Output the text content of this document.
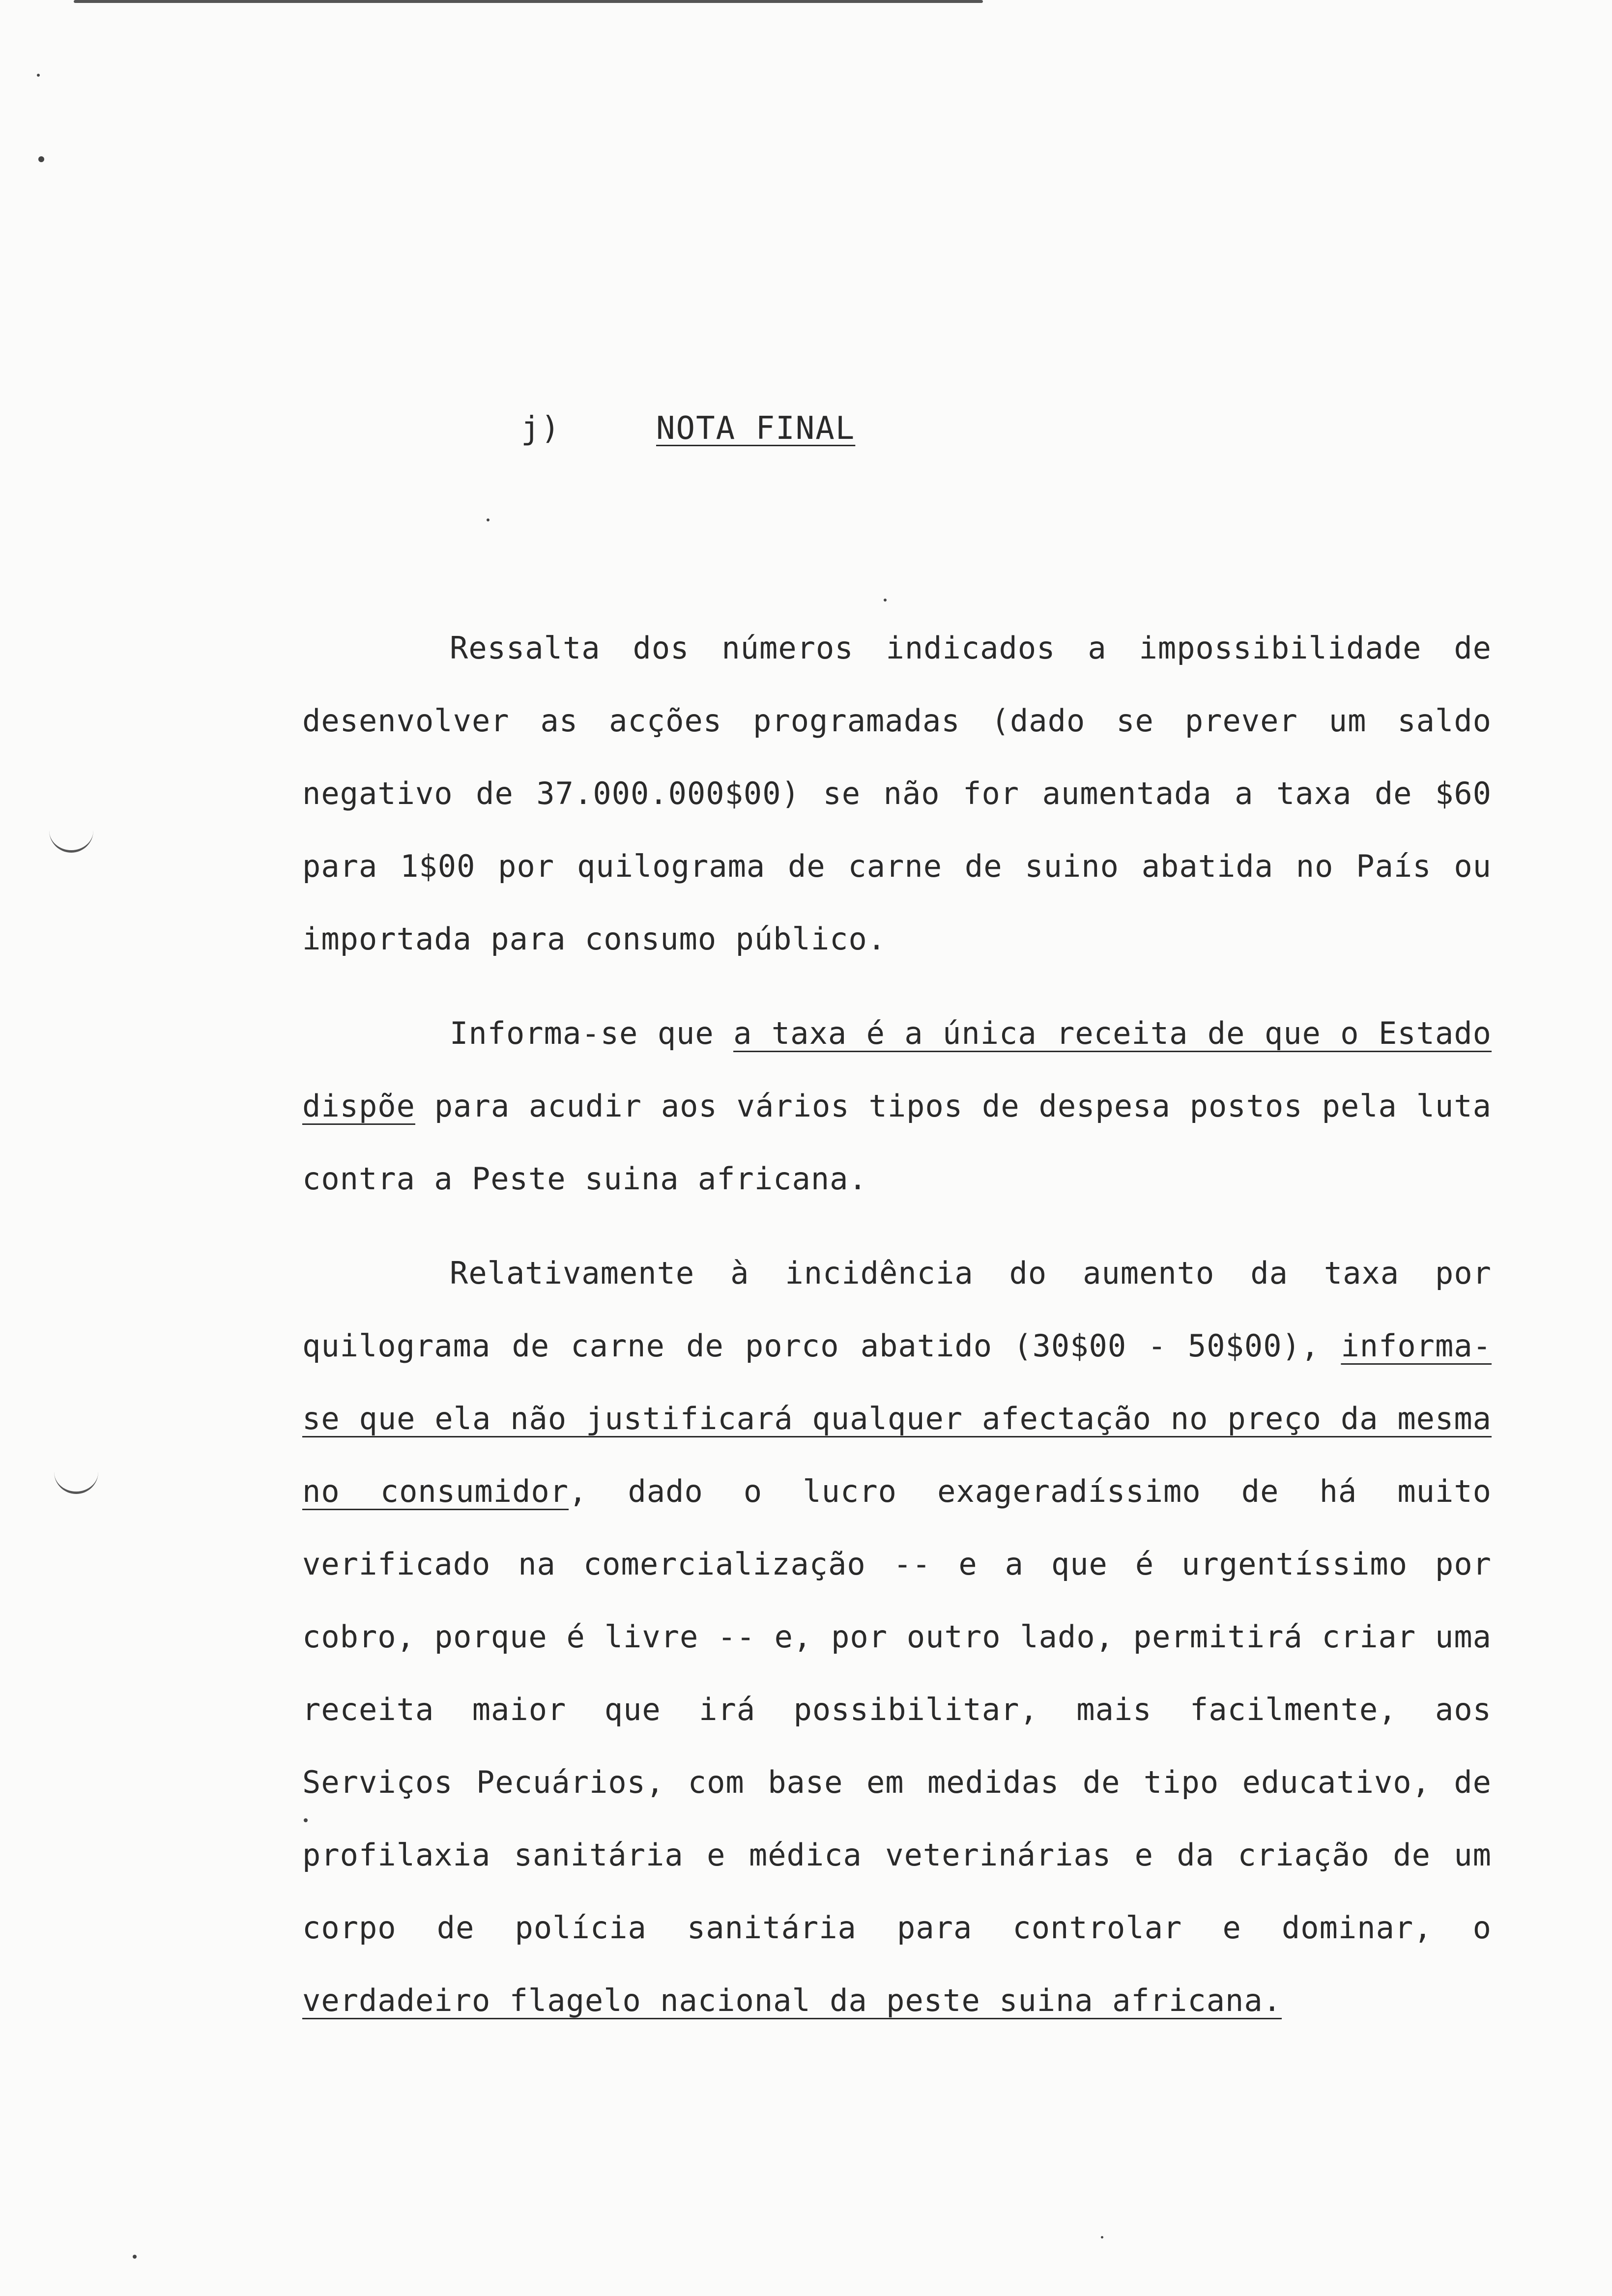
j)	NOTA FINAL

Ressalta dos números indicados a impossibilidade de desenvolver as acções programadas (dado se prever um saldo negativo de 37.000.000$00) se não for aumentada a taxa de $60 para 1$00 por quilograma de carne de suino abatida no País ou importada para consumo público.

Informa-se que a taxa é a única receita de que o Estado dispõe para acudir aos vários tipos de despesa postos pela luta contra a Peste suina africana.

Relativamente à incidência do aumento da taxa por quilograma de carne de porco abatido (30$00 - 50$00), informa-se que ela não justificará qualquer afectação no preço da mesma no consumidor, dado o lucro exageradíssimo de há muito verificado na comercialização -- e a que é urgentíssimo por cobro, porque é livre -- e, por outro lado, permitirá criar uma receita maior que irá possibilitar, mais facilmente, aos Serviços Pecuários, com base em medidas de tipo educativo, de profilaxia sanitária e médica veterinárias e da criação de um corpo de polícia sanitária para controlar e dominar, o verdadeiro flagelo nacional da peste suina africana.
